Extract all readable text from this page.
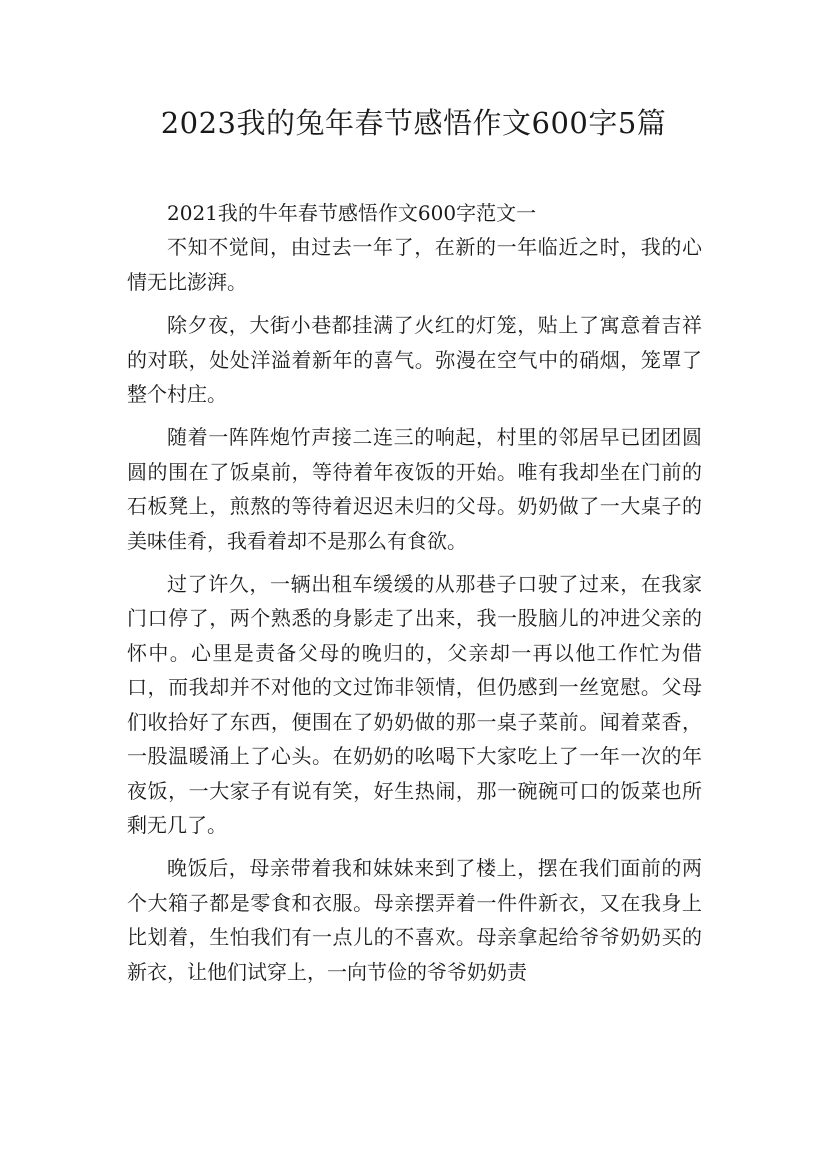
2023我的兔年春节感悟作文600字5篇

2021我的牛年春节感悟作文600字范文一

不知不觉间，由过去一年了，在新的一年临近之时，我的心情无比澎湃。

除夕夜，大街小巷都挂满了火红的灯笼，贴上了寓意着吉祥的对联，处处洋溢着新年的喜气。弥漫在空气中的硝烟，笼罩了整个村庄。

随着一阵阵炮竹声接二连三的响起，村里的邻居早已团团圆圆的围在了饭桌前，等待着年夜饭的开始。唯有我却坐在门前的石板凳上，煎熬的等待着迟迟未归的父母。奶奶做了一大桌子的美味佳肴，我看着却不是那么有食欲。

过了许久，一辆出租车缓缓的从那巷子口驶了过来，在我家门口停了，两个熟悉的身影走了出来，我一股脑儿的冲进父亲的怀中。心里是责备父母的晚归的，父亲却一再以他工作忙为借口，而我却并不对他的文过饰非领情，但仍感到一丝宽慰。父母们收拾好了东西，便围在了奶奶做的那一桌子菜前。闻着菜香，一股温暖涌上了心头。在奶奶的吆喝下大家吃上了一年一次的年夜饭，一大家子有说有笑，好生热闹，那一碗碗可口的饭菜也所剩无几了。

晚饭后，母亲带着我和妹妹来到了楼上，摆在我们面前的两个大箱子都是零食和衣服。母亲摆弄着一件件新衣，又在我身上比划着，生怕我们有一点儿的不喜欢。母亲拿起给爷爷奶奶买的新衣，让他们试穿上，一向节俭的爷爷奶奶责
